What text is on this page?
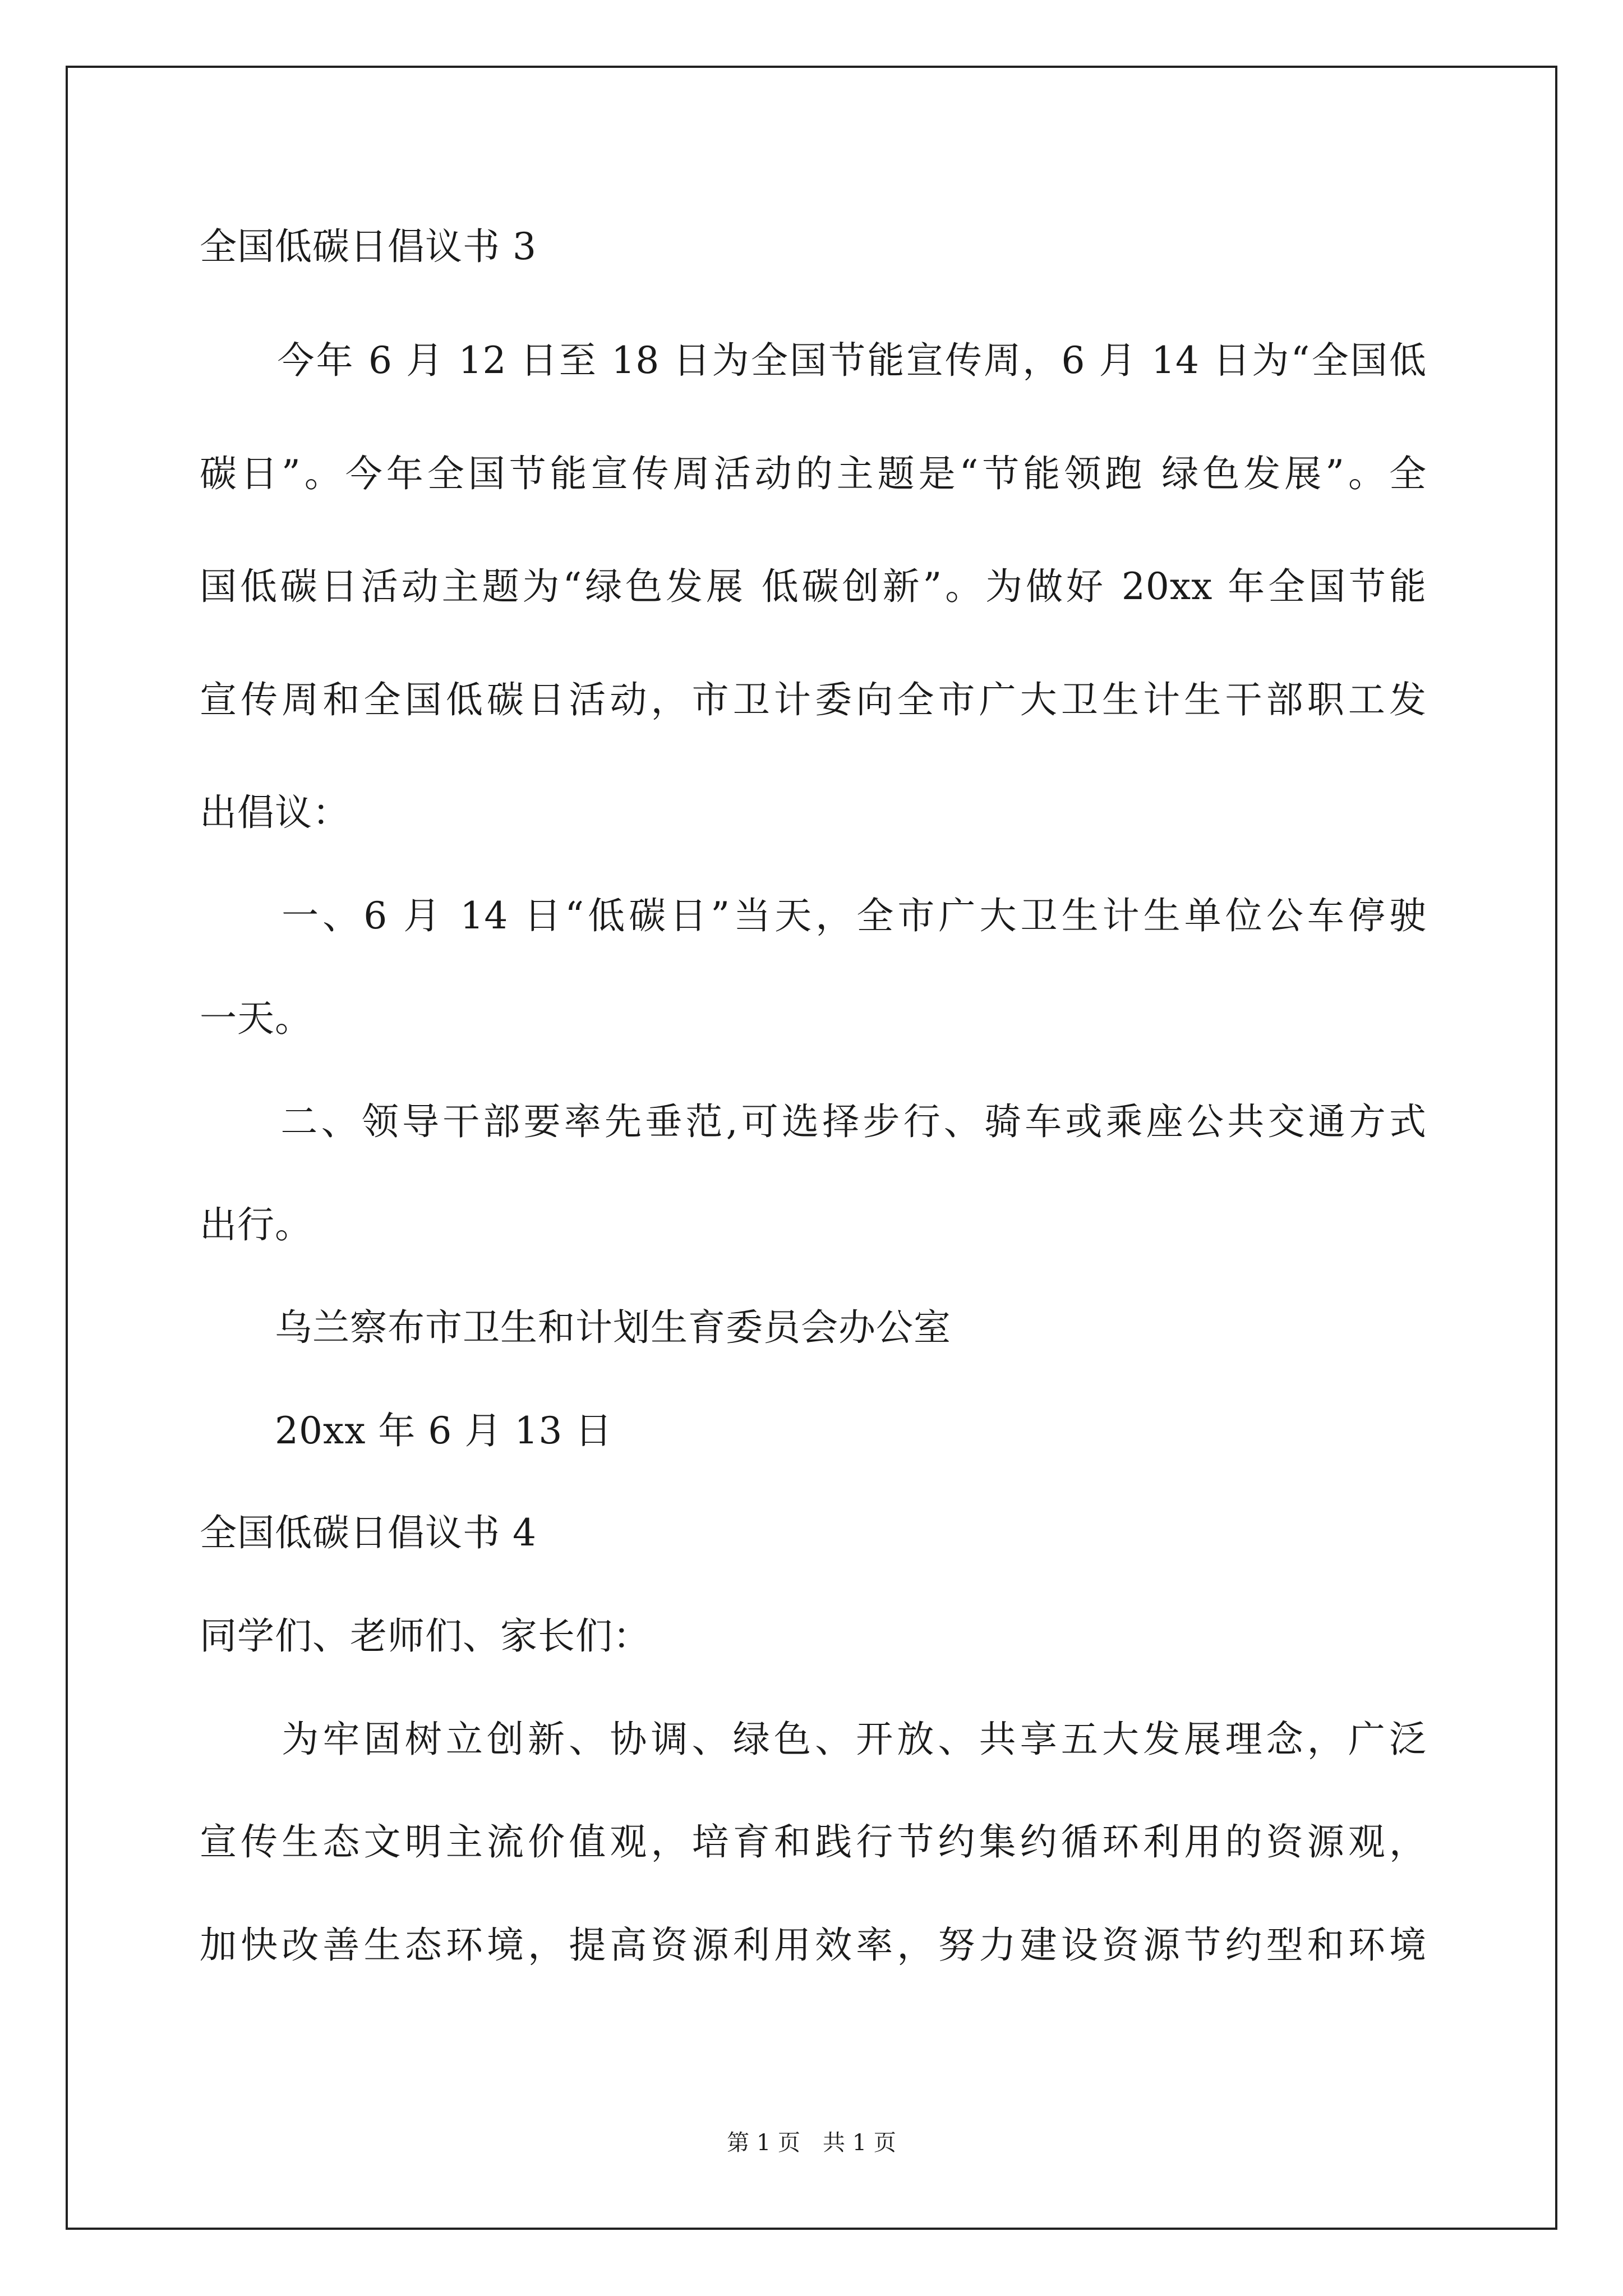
全国低碳日倡议书 3
　　今年 6 月 12 日至 18 日为全国节能宣传周，6 月 14 日为“全国低
碳日”。今年全国节能宣传周活动的主题是“节能领跑 绿色发展”。全
国低碳日活动主题为“绿色发展 低碳创新”。为做好 20xx 年全国节能
宣传周和全国低碳日活动，市卫计委向全市广大卫生计生干部职工发
出倡议：
　　一、6 月 14 日“低碳日”当天，全市广大卫生计生单位公车停驶
一天。
　　二、领导干部要率先垂范,可选择步行、骑车或乘座公共交通方式
出行。
　　乌兰察布市卫生和计划生育委员会办公室
　　20xx 年 6 月 13 日
全国低碳日倡议书 4
同学们、老师们、家长们：
　　为牢固树立创新、协调、绿色、开放、共享五大发展理念，广泛
宣传生态文明主流价值观，培育和践行节约集约循环利用的资源观，
加快改善生态环境，提高资源利用效率，努力建设资源节约型和环境
第 1 页　共 1 页
